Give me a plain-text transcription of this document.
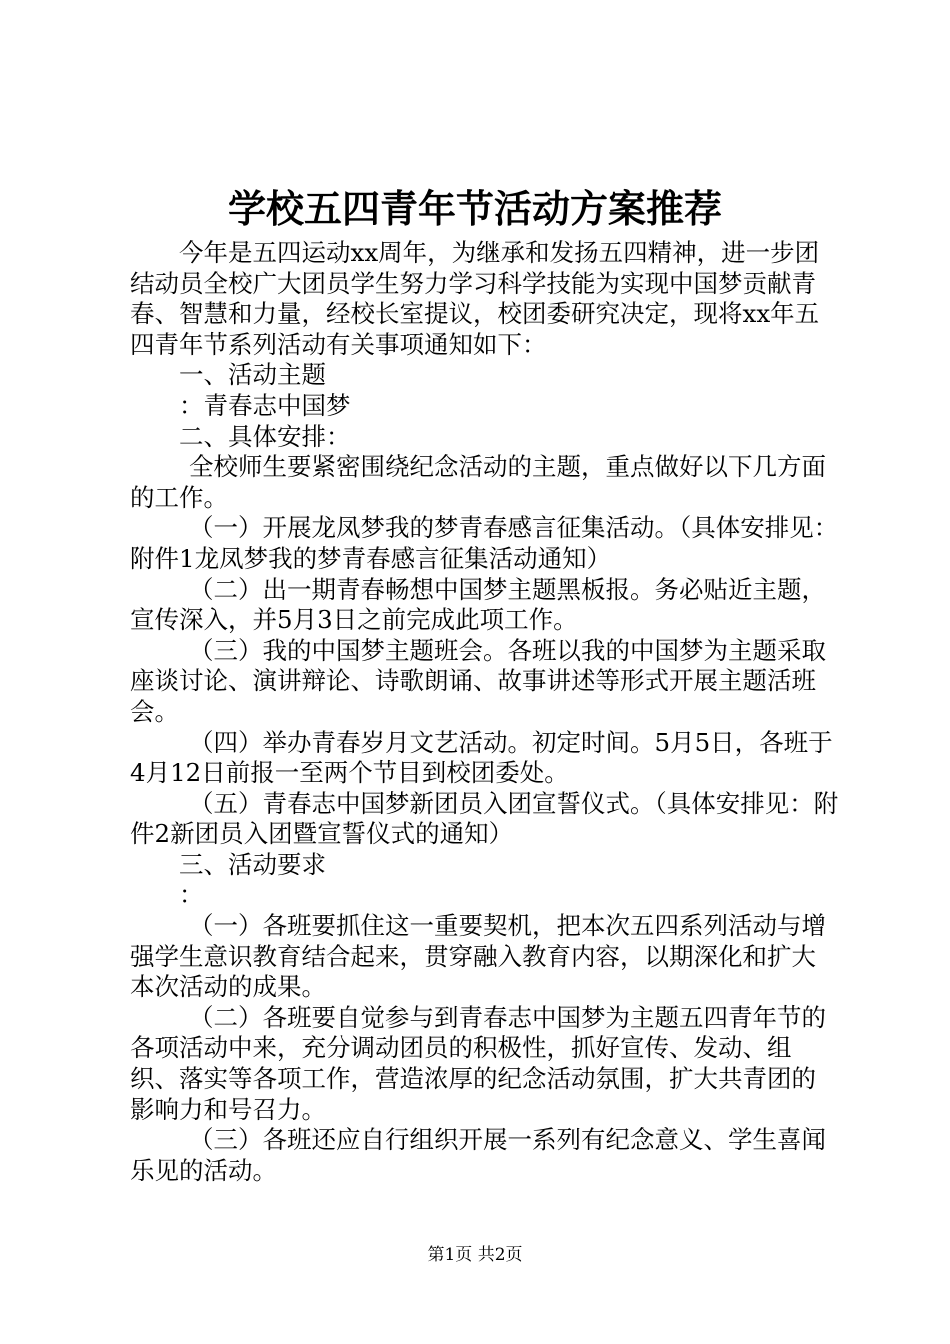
学校五四青年节活动方案推荐

今年是五四运动xx周年，为继承和发扬五四精神，进一步团结动员全校广大团员学生努力学习科学技能为实现中国梦贡献青春、智慧和力量，经校长室提议，校团委研究决定，现将xx年五四青年节系列活动有关事项通知如下：

一、活动主题

：青春志中国梦

二、具体安排：

全校师生要紧密围绕纪念活动的主题，重点做好以下几方面的工作。

（一）开展龙凤梦我的梦青春感言征集活动。（具体安排见：附件1龙凤梦我的梦青春感言征集活动通知）

（二）出一期青春畅想中国梦主题黑板报。务必贴近主题，宣传深入，并5月3日之前完成此项工作。

（三）我的中国梦主题班会。各班以我的中国梦为主题采取座谈讨论、演讲辩论、诗歌朗诵、故事讲述等形式开展主题活班会。

（四）举办青春岁月文艺活动。初定时间。5月5日，各班于4月12日前报一至两个节目到校团委处。

（五）青春志中国梦新团员入团宣誓仪式。（具体安排见：附件2新团员入团暨宣誓仪式的通知）

三、活动要求

：

（一）各班要抓住这一重要契机，把本次五四系列活动与增强学生意识教育结合起来，贯穿融入教育内容，以期深化和扩大本次活动的成果。

（二）各班要自觉参与到青春志中国梦为主题五四青年节的各项活动中来，充分调动团员的积极性，抓好宣传、发动、组织、落实等各项工作，营造浓厚的纪念活动氛围，扩大共青团的影响力和号召力。

（三）各班还应自行组织开展一系列有纪念意义、学生喜闻乐见的活动。

第1页 共2页
